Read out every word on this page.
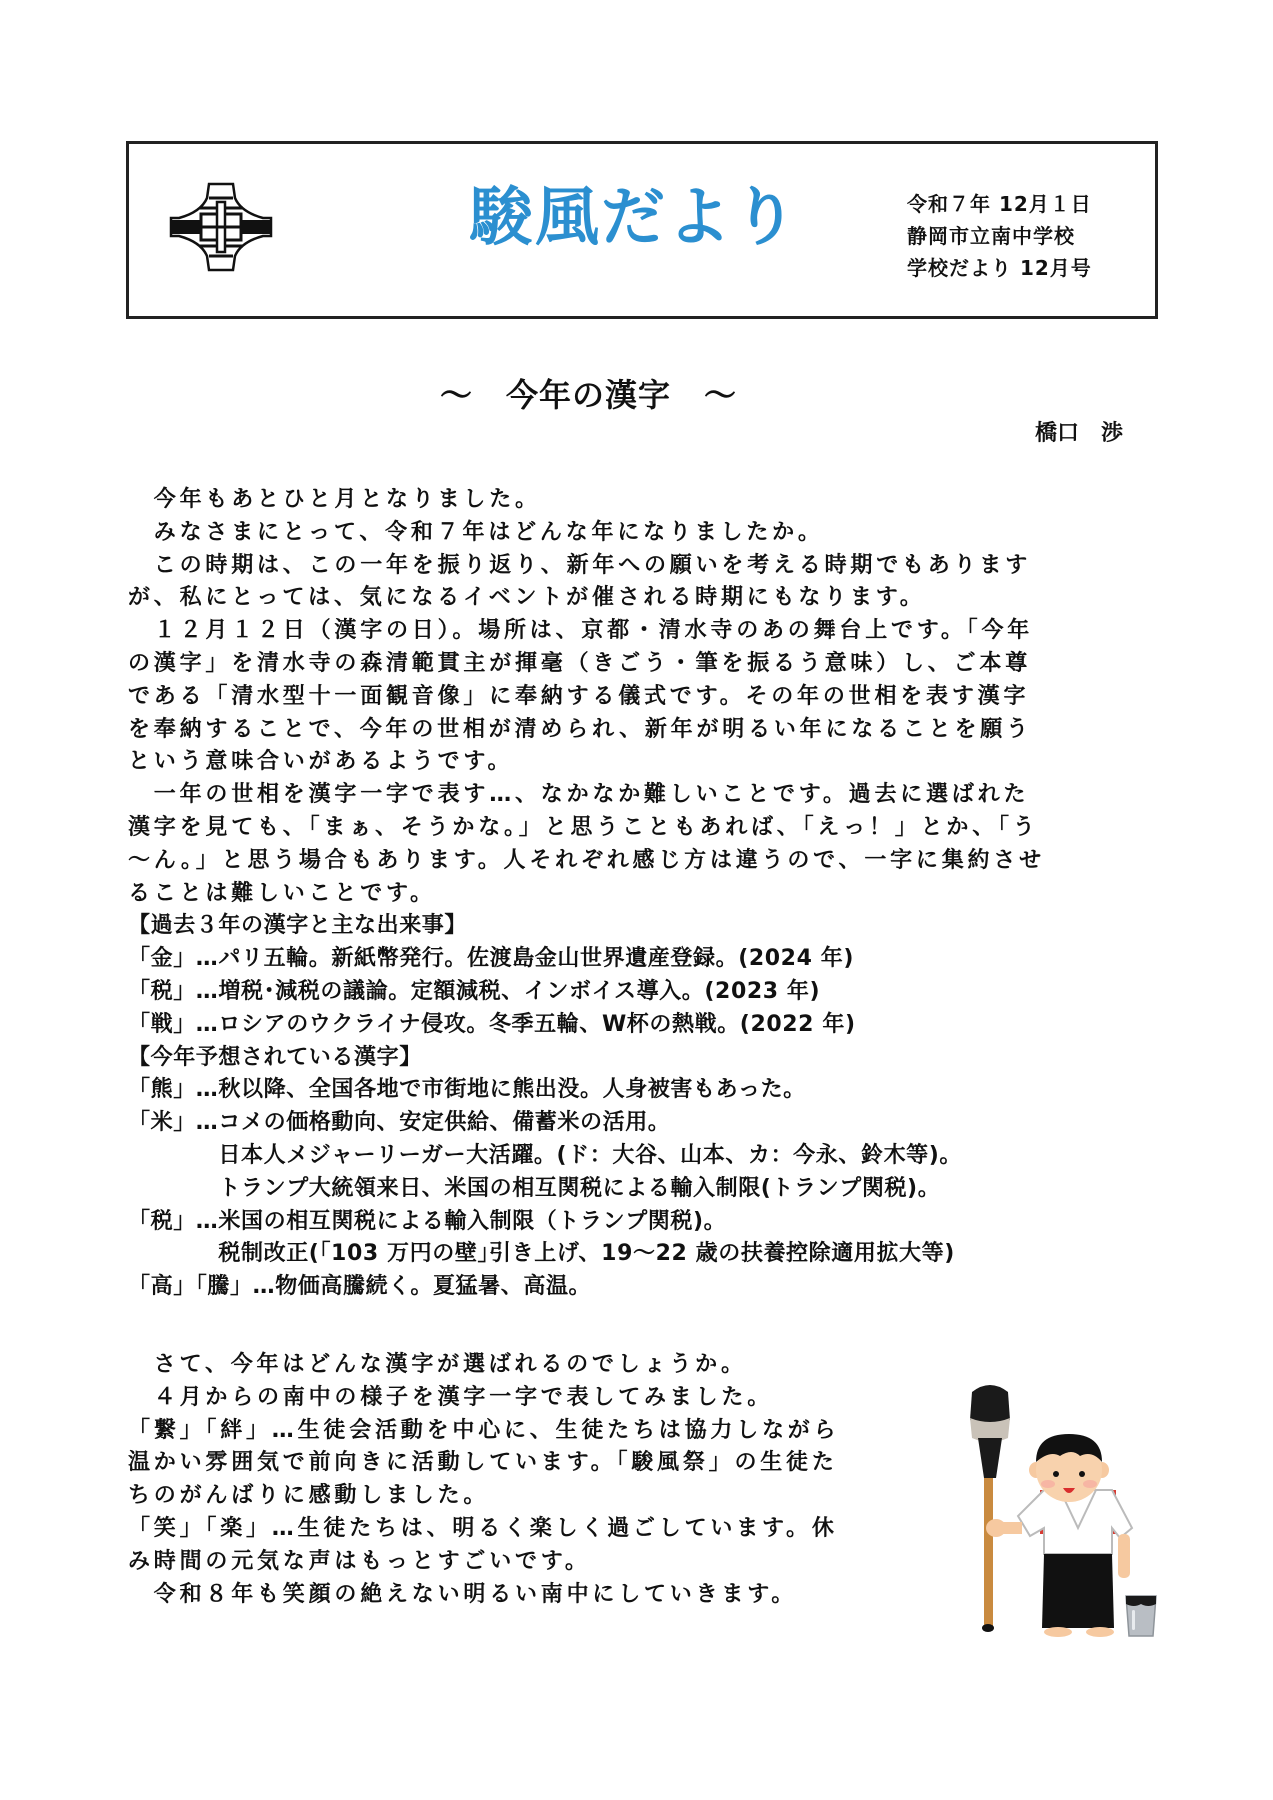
駿風だより	令和７年 12月１日
静岡市立南中学校
学校だより 12月号
～　今年の漢字　～
橋口　渉
　今年もあとひと月となりました。
　みなさまにとって、令和７年はどんな年になりましたか。
　この時期は、この一年を振り返り、新年への願いを考える時期でもあります
が、私にとっては、気になるイベントが催される時期にもなります。
　１２月１２日（漢字の日）。場所は、京都・清水寺のあの舞台上です。「今年
の漢字」を清水寺の森清範貫主が揮毫（きごう・筆を振るう意味）し、ご本尊
である「清水型十一面観音像」に奉納する儀式です。その年の世相を表す漢字
を奉納することで、今年の世相が清められ、新年が明るい年になることを願う
という意味合いがあるようです。
　一年の世相を漢字一字で表す…、なかなか難しいことです。過去に選ばれた
漢字を見ても、「まぁ、そうかな。」と思うこともあれば、「えっ！」とか、「う
～ん。」と思う場合もあります。人それぞれ感じ方は違うので、一字に集約させ
ることは難しいことです。
【過去３年の漢字と主な出来事】
「金」…パリ五輪。新紙幣発行。佐渡島金山世界遺産登録。(2024 年)
「税」…増税･減税の議論。定額減税、インボイス導入。(2023 年)
「戦」…ロシアのウクライナ侵攻。冬季五輪、W杯の熱戦。(2022 年)
【今年予想されている漢字】
「熊」…秋以降、全国各地で市街地に熊出没。人身被害もあった。
「米」…コメの価格動向、安定供給、備蓄米の活用。
　　　　日本人メジャーリーガー大活躍。(ド：大谷、山本、カ：今永、鈴木等)。
　　　　トランプ大統領来日、米国の相互関税による輸入制限(トランプ関税)。
「税」…米国の相互関税による輸入制限（トランプ関税)。
　　　　税制改正(｢103 万円の壁｣引き上げ、19～22 歳の扶養控除適用拡大等)
「高」「騰」…物価高騰続く。夏猛暑、高温。
　さて、今年はどんな漢字が選ばれるのでしょうか。
　４月からの南中の様子を漢字一字で表してみました。
「繋」「絆」…生徒会活動を中心に、生徒たちは協力しながら
温かい雰囲気で前向きに活動しています。「駿風祭」の生徒た
ちのがんばりに感動しました。
「笑」「楽」…生徒たちは、明るく楽しく過ごしています。休
み時間の元気な声はもっとすごいです。
　令和８年も笑顔の絶えない明るい南中にしていきます。
